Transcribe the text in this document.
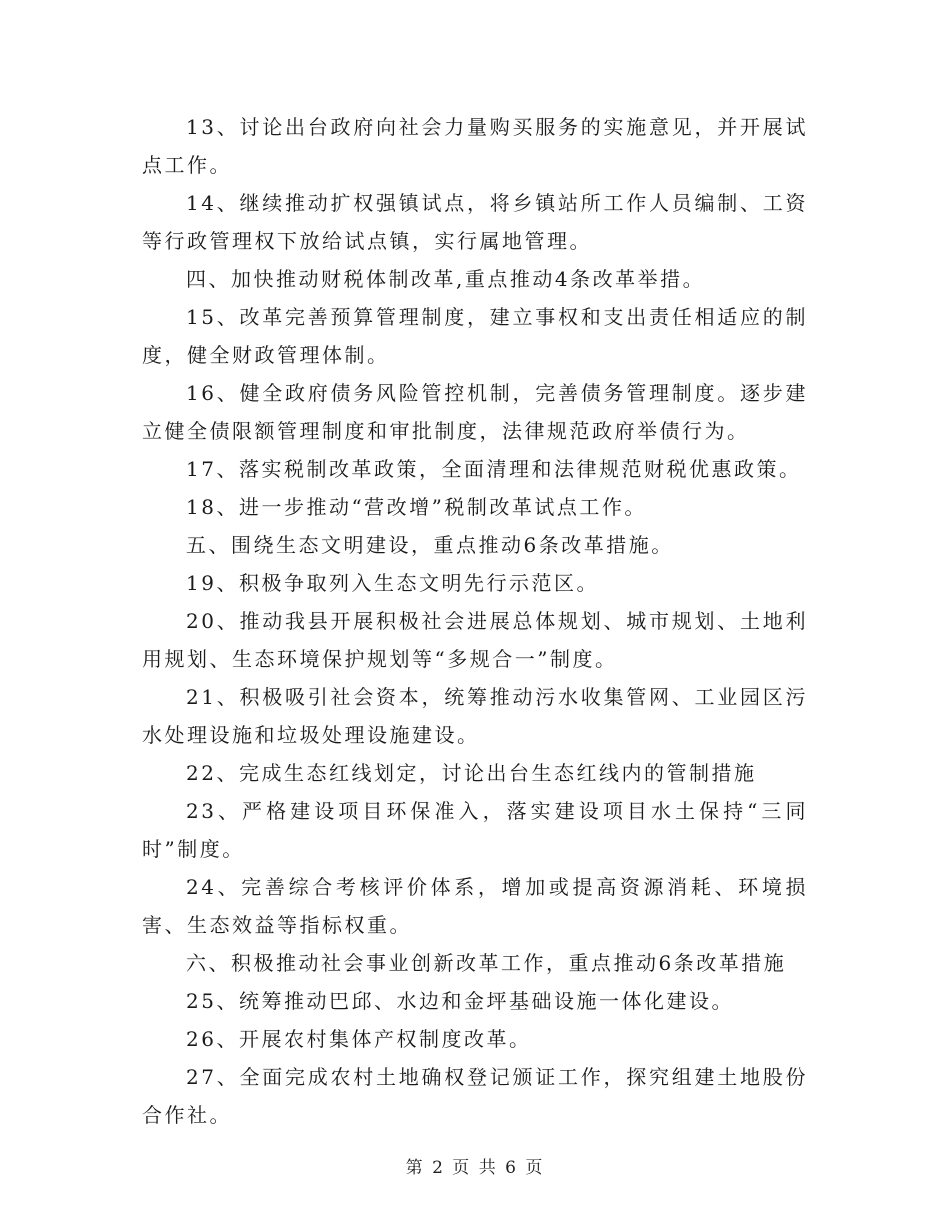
13、讨论出台政府向社会力量购买服务的实施意见，并开展试点工作。

14、继续推动扩权强镇试点，将乡镇站所工作人员编制、工资等行政管理权下放给试点镇，实行属地管理。

四、加快推动财税体制改革,重点推动4条改革举措。

15、改革完善预算管理制度，建立事权和支出责任相适应的制度，健全财政管理体制。

16、健全政府债务风险管控机制，完善债务管理制度。逐步建立健全债限额管理制度和审批制度，法律规范政府举债行为。

17、落实税制改革政策，全面清理和法律规范财税优惠政策。

18、进一步推动“营改增”税制改革试点工作。

五、围绕生态文明建设，重点推动6条改革措施。

19、积极争取列入生态文明先行示范区。

20、推动我县开展积极社会进展总体规划、城市规划、土地利用规划、生态环境保护规划等“多规合一”制度。

21、积极吸引社会资本，统筹推动污水收集管网、工业园区污水处理设施和垃圾处理设施建设。

22、完成生态红线划定，讨论出台生态红线内的管制措施

23、严格建设项目环保准入，落实建设项目水土保持“三同时”制度。

24、完善综合考核评价体系，增加或提高资源消耗、环境损害、生态效益等指标权重。

六、积极推动社会事业创新改革工作，重点推动6条改革措施

25、统筹推动巴邱、水边和金坪基础设施一体化建设。

26、开展农村集体产权制度改革。

27、全面完成农村土地确权登记颁证工作，探究组建土地股份合作社。

第 2 页 共 6 页
